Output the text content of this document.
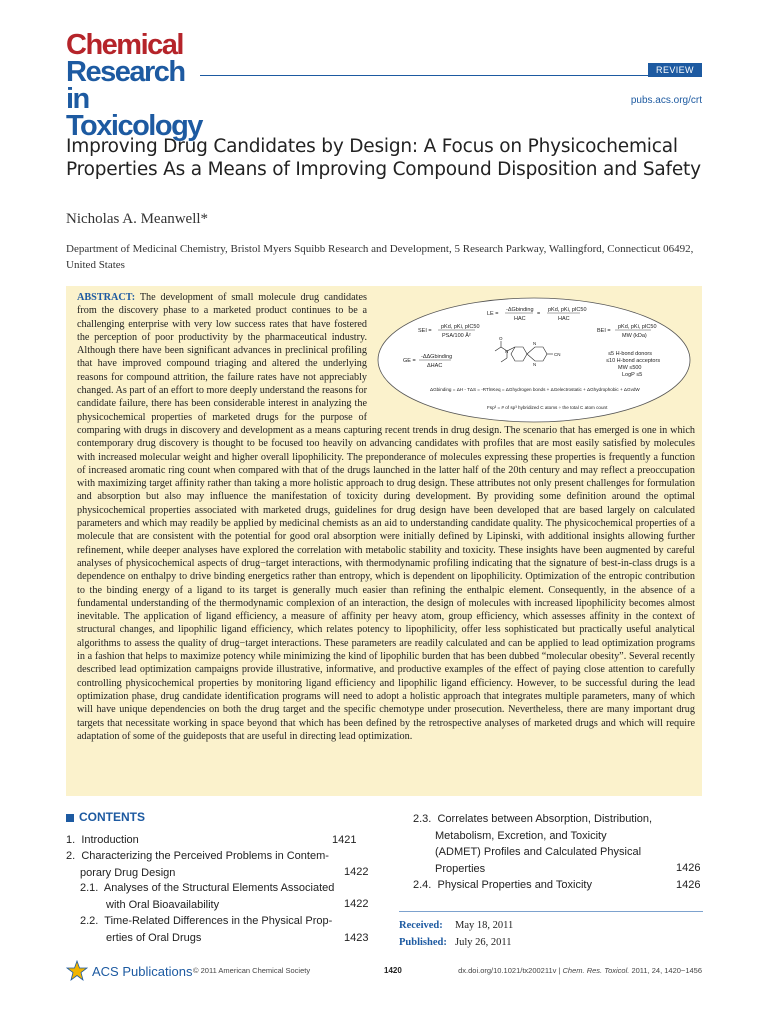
Chemical
Research in
Toxicology
REVIEW
pubs.acs.org/crt
Improving Drug Candidates by Design: A Focus on Physicochemical Properties As a Means of Improving Compound Disposition and Safety
Nicholas A. Meanwell*
Department of Medicinal Chemistry, Bristol Myers Squibb Research and Development, 5 Research Parkway, Wallingford, Connecticut 06492, United States
ABSTRACT: The development of small molecule drug candidates from the discovery phase to a marketed product continues to be a challenging enterprise with very low success rates that have fostered the perception of poor productivity by the pharmaceutical industry. Although there have been significant advances in preclinical profiling that have improved compound triaging and altered the underlying reasons for compound attrition, the failure rates have not appreciably changed. As part of an effort to more deeply understand the reasons for candidate failure, there has been considerable interest in analyzing the physicochemical properties of marketed drugs for the purpose of comparing with drugs in discovery and development as a means capturing recent trends in drug design. The scenario that has emerged is one in which contemporary drug discovery is thought to be focused too heavily on advancing candidates with profiles that are most easily satisfied by molecules with increased molecular weight and higher overall lipophilicity. The preponderance of molecules expressing these properties is frequently a function of increased aromatic ring count when compared with that of the drugs launched in the latter half of the 20th century and may reflect a preoccupation with maximizing target affinity rather than taking a more holistic approach to drug design. These attributes not only present challenges for formulation and absorption but also may influence the manifestation of toxicity during development. By providing some definition around the optimal physicochemical properties associated with marketed drugs, guidelines for drug design have been developed that are based largely on calculated parameters and which may readily be applied by medicinal chemists as an aid to understanding candidate quality. The physicochemical properties of a molecule that are consistent with the potential for good oral absorption were initially defined by Lipinski, with additional insights allowing further refinement, while deeper analyses have explored the correlation with metabolic stability and toxicity. These insights have been augmented by careful analyses of physicochemical aspects of drug−target interactions, with thermodynamic profiling indicating that the signature of best-in-class drugs is a dependence on enthalpy to drive binding energetics rather than entropy, which is dependent on lipophilicity. Optimization of the entropic contribution to the binding energy of a ligand to its target is generally much easier than refining the enthalpic element. Consequently, in the absence of a fundamental understanding of the thermodynamic complexion of an interaction, the design of molecules with increased lipophilicity becomes almost inevitable. The application of ligand efficiency, a measure of affinity per heavy atom, group efficiency, which assesses affinity in the context of structural changes, and lipophilic ligand efficiency, which relates potency to lipophilicity, offer less sophisticated but practically useful analytical algorithms to assess the quality of drug−target interactions. These parameters are readily calculated and can be applied to lead optimization programs in a fashion that helps to maximize potency while minimizing the kind of lipophilic burden that has been dubbed “molecular obesity”. Several recently described lead optimization campaigns provide illustrative, informative, and productive examples of the effect of paying close attention to carefully controlling physicochemical properties by monitoring ligand efficiency and lipophilic ligand efficiency. However, to be successful during the lead optimization phase, drug candidate identification programs will need to adopt a holistic approach that integrates multiple parameters, many of which will have unique dependencies on both the drug target and the specific chemotype under prosecution. Nevertheless, there are many important drug targets that necessitate working in space beyond that which has been defined by the retrospective analyses of marketed drugs and which will require adaptation of some of the guideposts that are useful in directing lead optimization.
LE =
-ΔGbinding
HAC
=
pKd, pKi, pIC50
HAC
SEI =
pKd, pKi, pIC50
PSA/100 Å²
BEI =
pKd, pKi, pIC50
MW (kDa)
GE =
-ΔΔGbinding
ΔHAC
O
N
N
N
CN	≤5 H-bond donors
≤10 H-bond acceptors
MW ≤500
LogP ≤5
ΔGbinding = ΔH - TΔS = -RTlnKeq = ΔGhydrogen bonds + ΔGelectrostatic + ΔGhydrophobic + ΔGvdW
Fsp³ = # of sp³ hybridized C atoms ÷ the total C atom count
CONTENTS
1. Introduction	1421
2. Characterizing the Perceived Problems in Contem-
porary Drug Design	1422
2.1. Analyses of the Structural Elements Associated
with Oral Bioavailability	1422
2.2. Time-Related Differences in the Physical Prop-
erties of Oral Drugs	1423
2.3. Correlates between Absorption, Distribution,
Metabolism, Excretion, and Toxicity
(ADMET) Profiles and Calculated Physical
Properties	1426
2.4. Physical Properties and Toxicity	1426
Received: May 18, 2011
Published: July 26, 2011
ACS Publications © 2011 American Chemical Society	1420	dx.doi.org/10.1021/tx200211v | Chem. Res. Toxicol. 2011, 24, 1420−1456
